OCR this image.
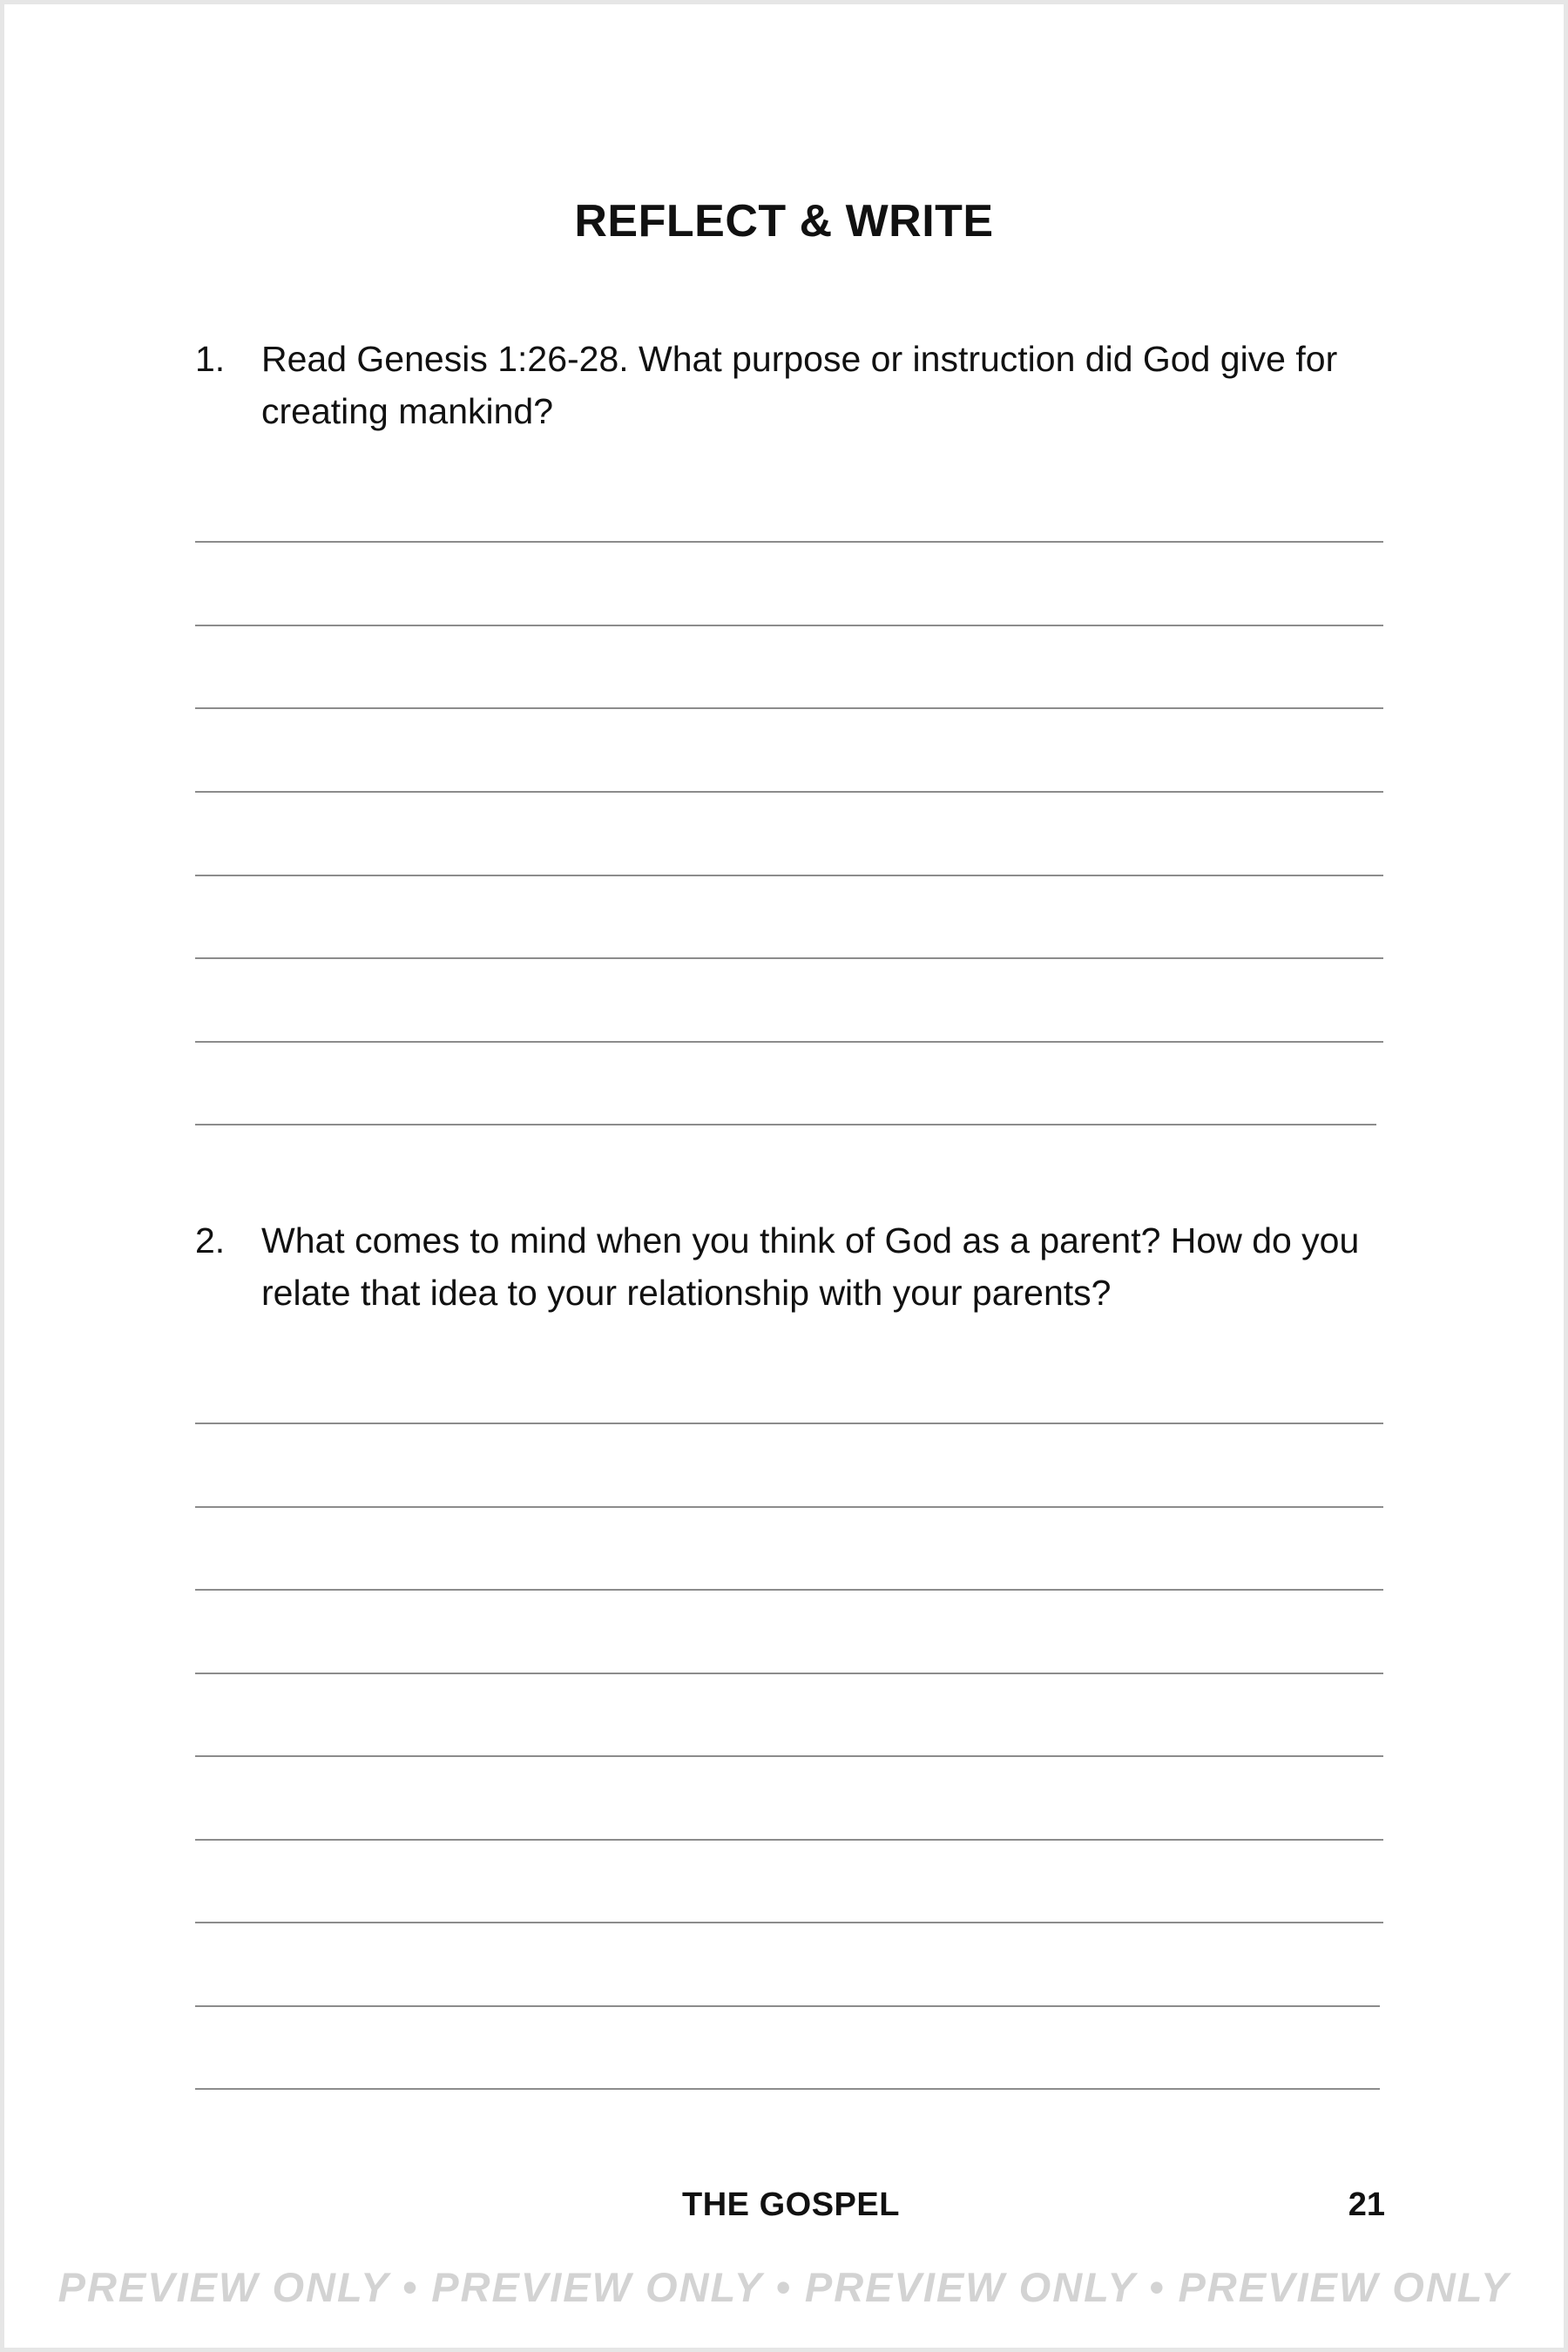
REFLECT & WRITE
1. Read Genesis 1:26-28. What purpose or instruction did God give for creating mankind?
2. What comes to mind when you think of God as a parent? How do you relate that idea to your relationship with your parents?
THE GOSPEL	21
PREVIEW ONLY • PREVIEW ONLY • PREVIEW ONLY • PREVIEW ONLY
